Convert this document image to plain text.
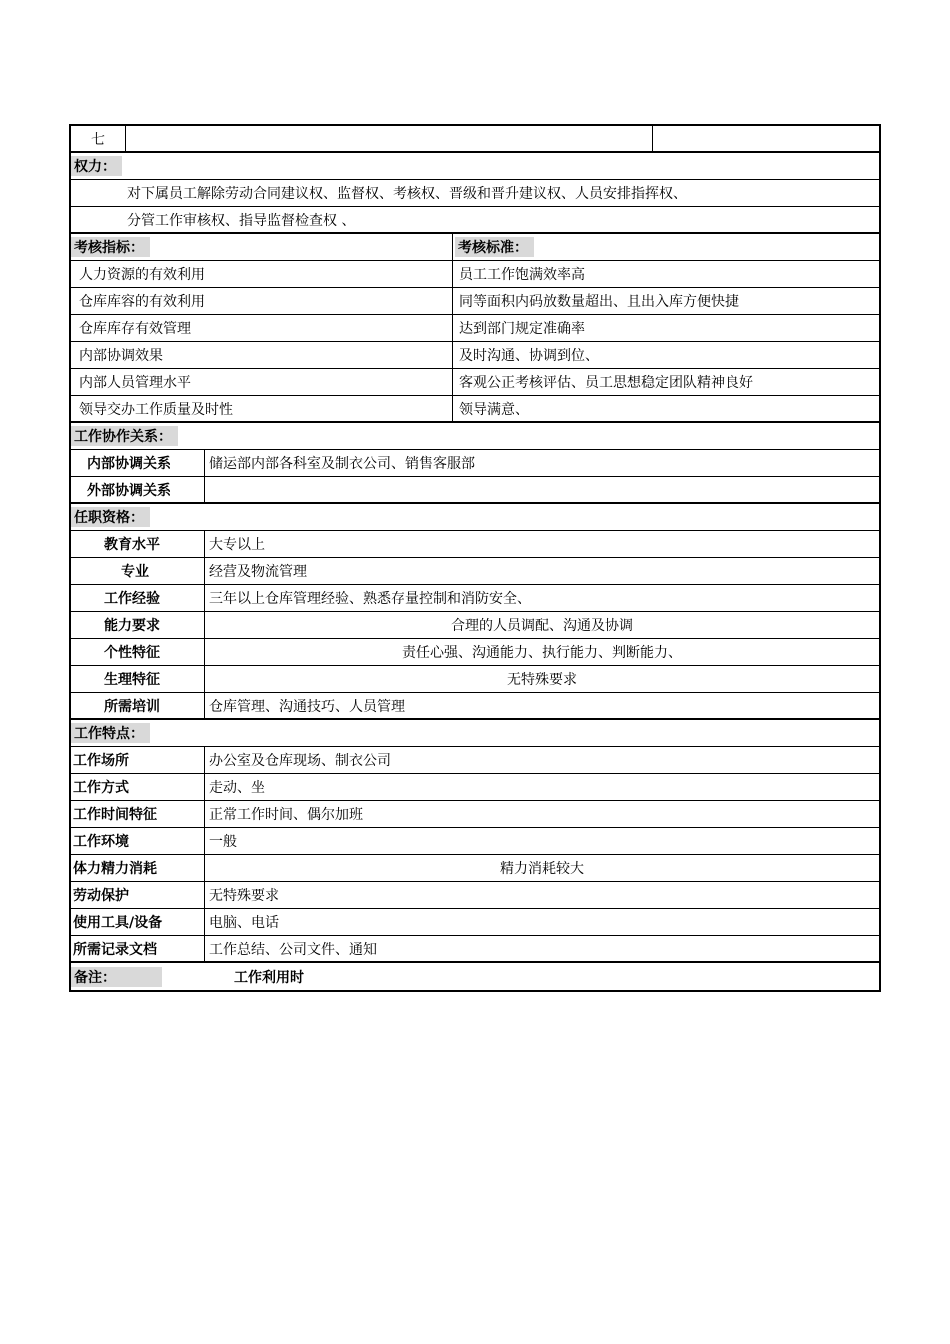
七
权力：
对下属员工解除劳动合同建议权、监督权、考核权、晋级和晋升建议权、人员安排指挥权、
分管工作审核权、指导监督检查权 、
考核指标：	考核标准：
人力资源的有效利用	员工工作饱满效率高
仓库库容的有效利用	同等面积内码放数量超出、且出入库方便快捷
仓库库存有效管理	达到部门规定准确率
内部协调效果	及时沟通、协调到位、
内部人员管理水平	客观公正考核评估、员工思想稳定团队精神良好
领导交办工作质量及时性	领导满意、
工作协作关系：
内部协调关系	储运部内部各科室及制衣公司、销售客服部
外部协调关系
任职资格：
教育水平	大专以上
专业	经营及物流管理
工作经验	三年以上仓库管理经验、熟悉存量控制和消防安全、
能力要求	合理的人员调配、沟通及协调
个性特征	责任心强、沟通能力、执行能力、判断能力、
生理特征	无特殊要求
所需培训	仓库管理、沟通技巧、人员管理
工作特点：
工作场所	办公室及仓库现场、制衣公司
工作方式	走动、坐
工作时间特征	正常工作时间、偶尔加班
工作环境	一般
体力精力消耗	精力消耗较大
劳动保护	无特殊要求
使用工具/设备	电脑、电话
所需记录文档	工作总结、公司文件、通知
备注：	工作利用时
